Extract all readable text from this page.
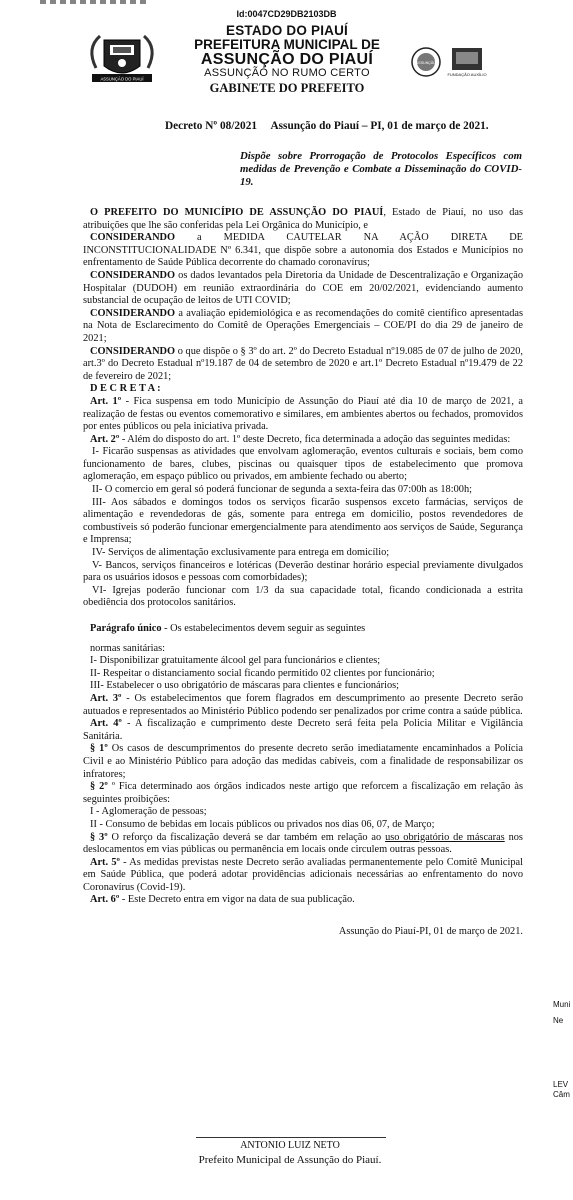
Id:0047CD29DB2103DB
ASSUNÇÃO DO PIAUÍ
ESTADO DO PIAUÍ
PREFEITURA MUNICIPAL DE
ASSUNÇÃO DO PIAUÍ
ASSUNÇÃO NO RUMO CERTO
GABINETE DO PREFEITO
ASSUNÇÃO
FUNDAÇÃO AUXÍLIO
Decreto Nº 08/2021 Assunção do Piauí – PI, 01 de março de 2021.
Dispõe sobre Prorrogação de Protocolos Específicos com medidas de Prevenção e Combate a Disseminação do COVID-19.

O PREFEITO DO MUNICÍPIO DE ASSUNÇÃO DO PIAUÍ, Estado de Piauí, no uso das atribuições que lhe são conferidas pela Lei Orgânica do Município, e

CONSIDERANDO a MEDIDA CAUTELAR NA AÇÃO DIRETA DE INCONSTITUCIONALIDADE Nº 6.341, que dispõe sobre a autonomia dos Estados e Municípios no enfrentamento de Saúde Pública decorrente do chamado coronavírus;

CONSIDERANDO os dados levantados pela Diretoria da Unidade de Descentralização e Organização Hospitalar (DUDOH) em reunião extraordinária do COE em 20/02/2021, evidenciando aumento substancial de ocupação de leitos de UTI COVID;

CONSIDERANDO a avaliação epidemiológica e as recomendações do comitê científico apresentadas na Nota de Esclarecimento do Comitê de Operações Emergenciais – COE/PI do dia 29 de janeiro de 2021;

CONSIDERANDO o que dispõe o § 3º do art. 2º do Decreto Estadual nº19.085 de 07 de julho de 2020, art.3º do Decreto Estadual nº19.187 de 04 de setembro de 2020 e art.1º Decreto Estadual nº19.479 de 22 de fevereiro de 2021;

D E C R E T A :

Art. 1º - Fica suspensa em todo Município de Assunção do Piauí até dia 10 de março de 2021, a realização de festas ou eventos comemorativo e similares, em ambientes abertos ou fechados, promovidos por entes públicos ou pela iniciativa privada.

Art. 2º - Além do disposto do art. 1º deste Decreto, fica determinada a adoção das seguintes medidas:

I- Ficarão suspensas as atividades que envolvam aglomeração, eventos culturais e sociais, bem como funcionamento de bares, clubes, piscinas ou quaisquer tipos de estabelecimento que promova aglomeração, em espaço público ou privados, em ambiente fechado ou aberto;

II- O comercio em geral só poderá funcionar de segunda a sexta-feira das 07:00h as 18:00h;

III- Aos sábados e domingos todos os serviços ficarão suspensos exceto farmácias, serviços de alimentação e revendedoras de gás, somente para entrega em domicilio, postos revendedores de combustíveis só poderão funcionar emergencialmente para atendimento aos serviços de Saúde, Segurança e Imprensa;

IV- Serviços de alimentação exclusivamente para entrega em domicílio;

V- Bancos, serviços financeiros e lotéricas (Deverão destinar horário especial previamente divulgados para os usuários idosos e pessoas com comorbidades);

VI- Igrejas poderão funcionar com 1/3 da sua capacidade total, ficando condicionada a estrita obediência dos protocolos sanitários.

Parágrafo único - Os estabelecimentos devem seguir as seguintes

normas sanitárias:

I- Disponibilizar gratuitamente álcool gel para funcionários e clientes;

II- Respeitar o distanciamento social ficando permitido 02 clientes por funcionário;

III- Estabelecer o uso obrigatório de máscaras para clientes e funcionários;

Art. 3º - Os estabelecimentos que forem flagrados em descumprimento ao presente Decreto serão autuados e representados ao Ministério Público podendo ser penalizados por crime contra a saúde pública.

Art. 4º - A fiscalização e cumprimento deste Decreto será feita pela Policia Militar e Vigilância Sanitária.

§ 1º Os casos de descumprimentos do presente decreto serão imediatamente encaminhados a Polícia Civil e ao Ministério Público para adoção das medidas cabíveis, com a finalidade de responsabilizar os infratores;

§ 2º º Fica determinado aos órgãos indicados neste artigo que reforcem a fiscalização em relação às seguintes proibições:

I - Aglomeração de pessoas;

II - Consumo de bebidas em locais públicos ou privados nos dias 06, 07, de Março;

§ 3º O reforço da fiscalização deverá se dar também em relação ao uso obrigatório de máscaras nos deslocamentos em vias públicas ou permanência em locais onde circulem outras pessoas.

Art. 5º - As medidas previstas neste Decreto serão avaliadas permanentemente pelo Comitê Municipal em Saúde Pública, que poderá adotar providências adicionais necessárias ao enfrentamento do novo Coronavírus (Covid-19).

Art. 6º - Este Decreto entra em vigor na data de sua publicação.

Assunção do Piauí-PI, 01 de março de 2021.

ANTONIO LUIZ NETO
Prefeito Municipal de Assunção do Piauí.
Muni
Ne
LEV
Câm
